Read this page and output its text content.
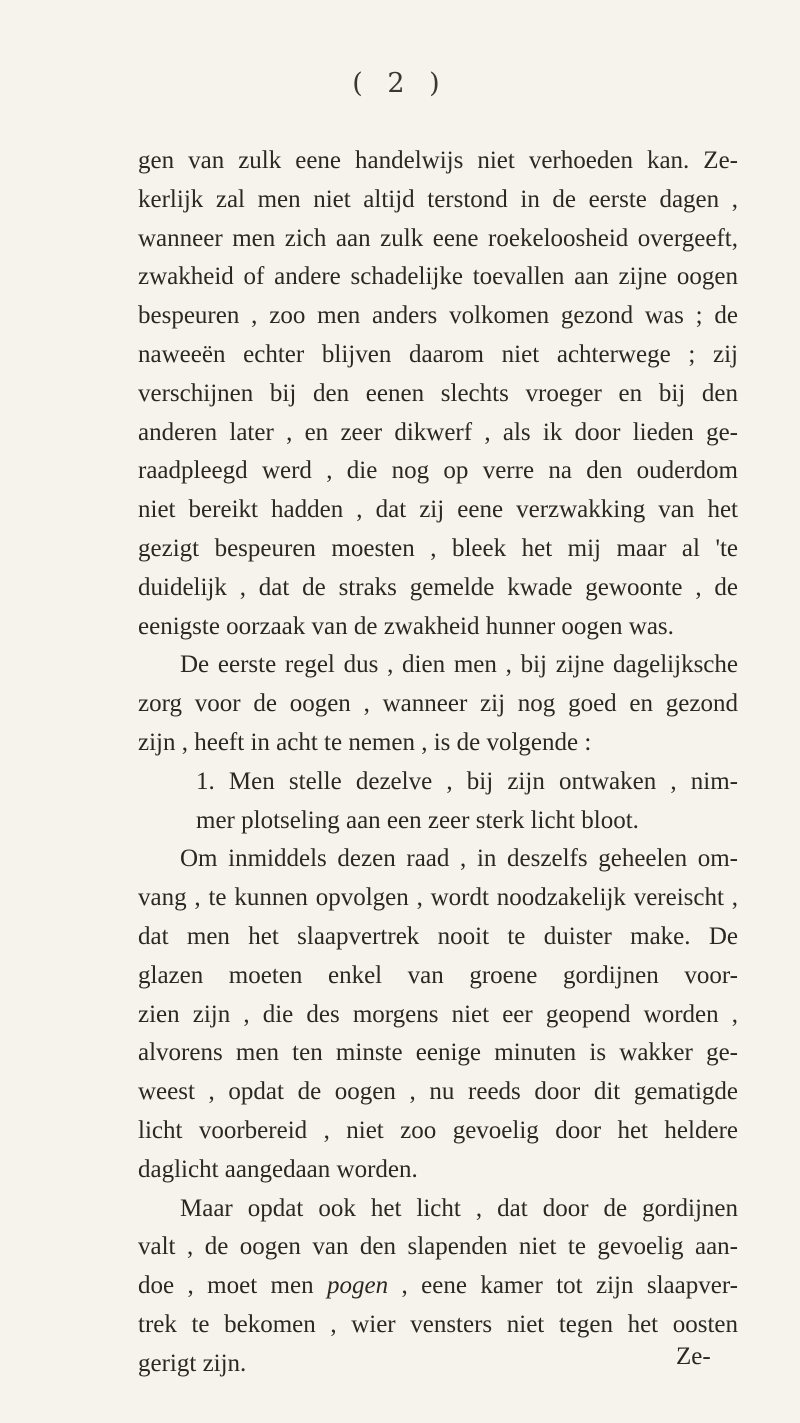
( 2 )
gen van zulk eene handelwijs niet verhoeden kan. Ze-
kerlijk zal men niet altijd terstond in de eerste dagen ,
wanneer men zich aan zulk eene roekeloosheid overgeeft,
zwakheid of andere schadelijke toevallen aan zijne oogen
bespeuren , zoo men anders volkomen gezond was ; de
naweeën echter blijven daarom niet achterwege ; zij
verschijnen bij den eenen slechts vroeger en bij den
anderen later , en zeer dikwerf , als ik door lieden ge-
raadpleegd werd , die nog op verre na den ouderdom
niet bereikt hadden , dat zij eene verzwakking van het
gezigt bespeuren moesten , bleek het mij maar al 'te
duidelijk , dat de straks gemelde kwade gewoonte , de
eenigste oorzaak van de zwakheid hunner oogen was.
De eerste regel dus , dien men , bij zijne dagelijksche
zorg voor de oogen , wanneer zij nog goed en gezond
zijn , heeft in acht te nemen , is de volgende :
1. Men stelle dezelve , bij zijn ontwaken , nim-
mer plotseling aan een zeer sterk licht bloot.
Om inmiddels dezen raad , in deszelfs geheelen om-
vang , te kunnen opvolgen , wordt noodzakelijk vereischt ,
dat men het slaapvertrek nooit te duister make. De
glazen moeten enkel van groene gordijnen voor-
zien zijn , die des morgens niet eer geopend worden ,
alvorens men ten minste eenige minuten is wakker ge-
weest , opdat de oogen , nu reeds door dit gematigde
licht voorbereid , niet zoo gevoelig door het heldere
daglicht aangedaan worden.
Maar opdat ook het licht , dat door de gordijnen
valt , de oogen van den slapenden niet te gevoelig aan-
doe , moet men pogen , eene kamer tot zijn slaapver-
trek te bekomen , wier vensters niet tegen het oosten
gerigt zijn.	Ze-
